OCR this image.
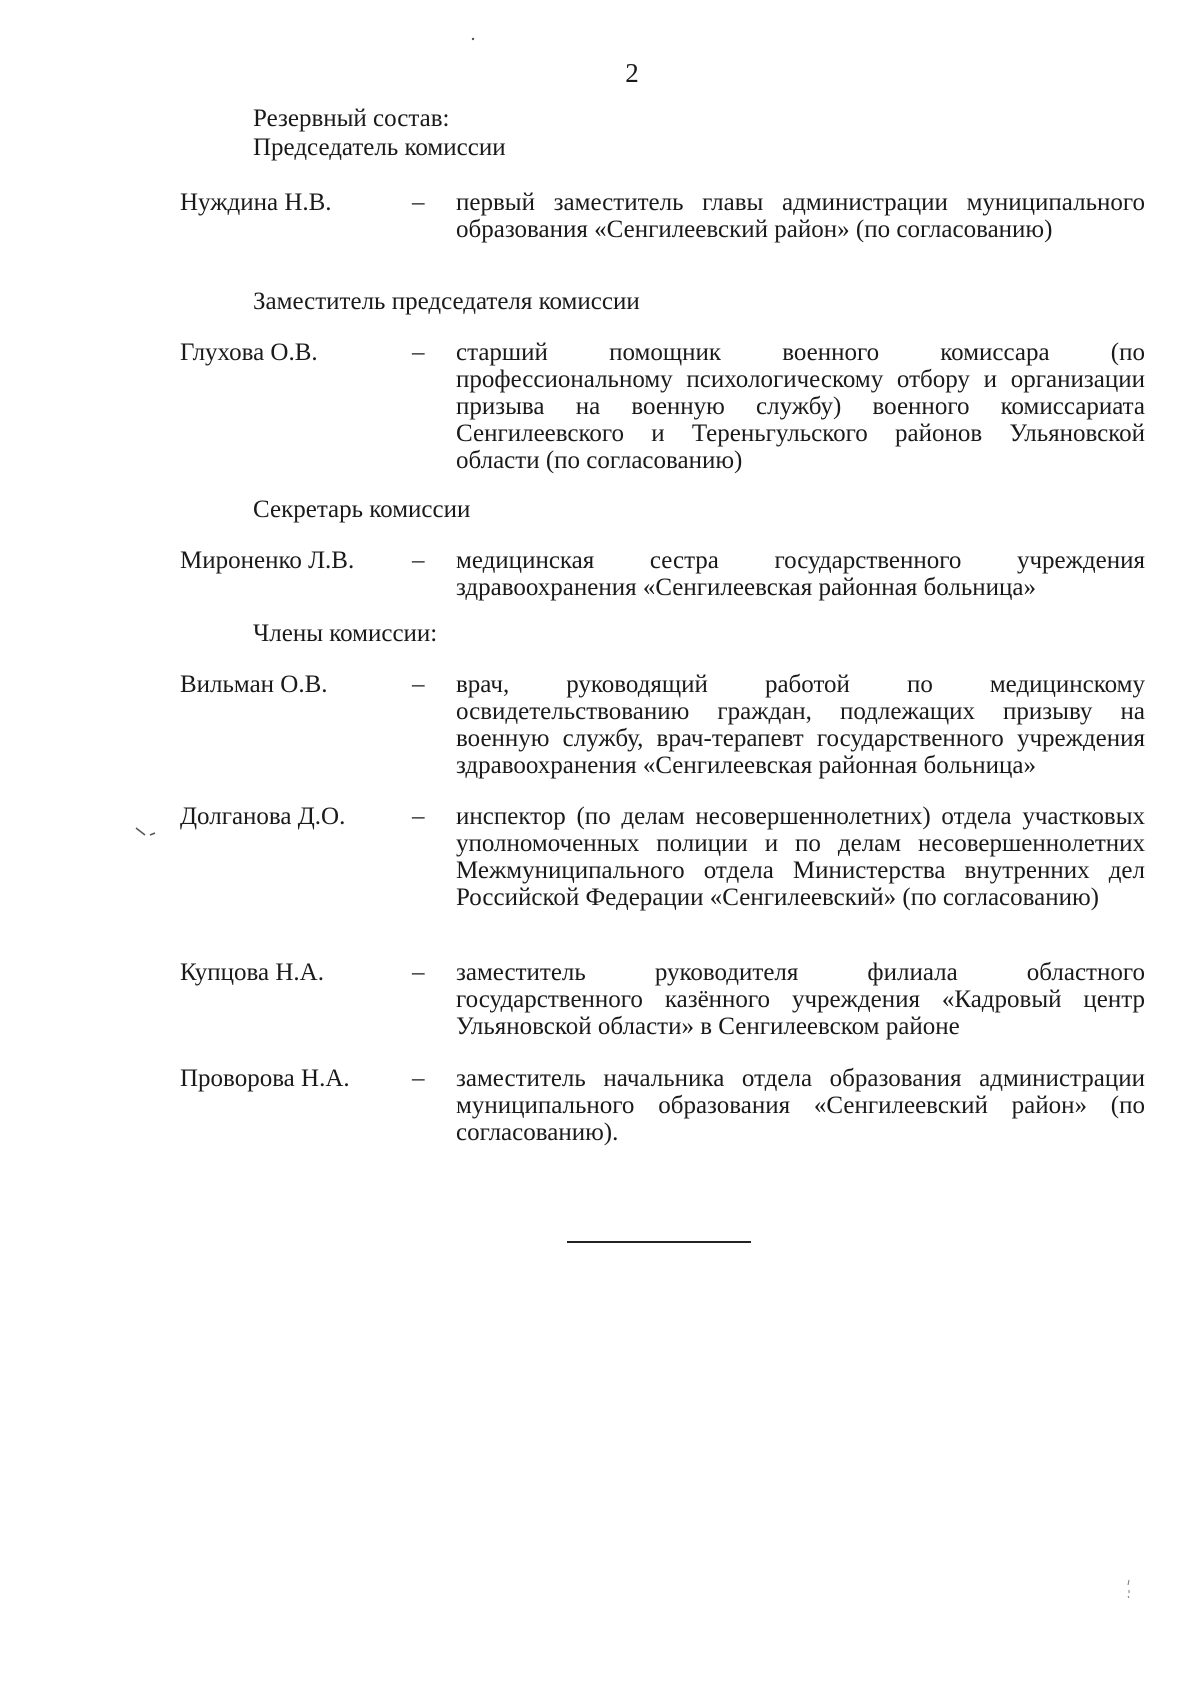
2
Резервный состав:
Председатель комиссии
Нуждина Н.В.	– первый заместитель главы администрации муниципального образования «Сенгилеевский район» (по согласованию)
Заместитель председателя комиссии
Глухова О.В.	– старший помощник военного комиссара (по профессиональному психологическому отбору и организации призыва на военную службу) военного комиссариата Сенгилеевского и Тереньгульского районов Ульяновской области (по согласованию)
Секретарь комиссии
Мироненко Л.В. – медицинская сестра государственного учреждения здравоохранения «Сенгилеевская районная больница»
Члены комиссии:
Вильман О.В.	– врач, руководящий работой по медицинскому освидетельствованию граждан, подлежащих призыву на военную службу, врач-терапевт государственного учреждения здравоохранения «Сенгилеевская районная больница»
Долганова Д.О.	– инспектор (по делам несовершеннолетних) отдела участковых уполномоченных полиции и по делам несовершеннолетних Межмуниципального отдела Министерства внутренних дел Российской Федерации «Сенгилеевский» (по согласованию)
Купцова Н.А.	– заместитель руководителя филиала областного государственного казённого учреждения «Кадровый центр Ульяновской области» в Сенгилеевском районе
Проворова Н.А. – заместитель начальника отдела образования администрации муниципального образования «Сенгилеевский район» (по согласованию).
